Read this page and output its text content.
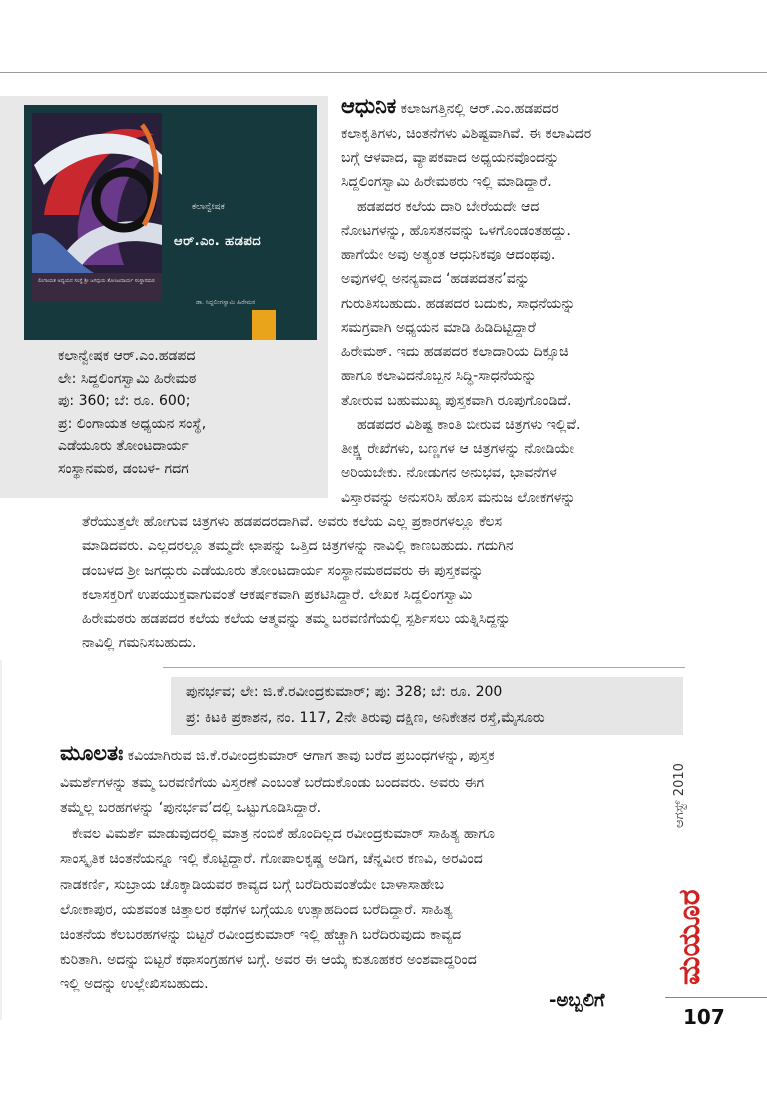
ಕಲಾನ್ವೇಷಕ
ಆರ್.ಎಂ. ಹಡಪದ
ಲಿಂಗಾಯತ ಅಧ್ಯಯನ ಸಂಸ್ಥೆ ಶ್ರೀ ಜಗದ್ಗುರು ತೋಂಟದಾರ್ಯ ಸಂಸ್ಥಾನಮಠ
ಡಾ. ಸಿದ್ದಲಿಂಗಸ್ವಾಮಿ ಹಿರೇಮಠ
ಕಲಾನ್ವೇಷಕ ಆರ್.ಎಂ.ಹಡಪದ
ಲೇ: ಸಿದ್ದಲಿಂಗಸ್ವಾಮಿ ಹಿರೇಮಠ
ಪು: 360; ಬೆ: ರೂ. 600;
ಪ್ರ: ಲಿಂಗಾಯತ ಅಧ್ಯಯನ ಸಂಸ್ಥೆ,
ಎಡೆಯೂರು ತೋಂಟದಾರ್ಯ
ಸಂಸ್ಥಾನಮಠ, ಡಂಬಳ- ಗದಗ
ಆಧುನಿಕ ಕಲಾಜಗತ್ತಿನಲ್ಲಿ ಆರ್.ಎಂ.ಹಡಪದರ
ಕಲಾಕೃತಿಗಳು, ಚಿಂತನೆಗಳು ವಿಶಿಷ್ಟವಾಗಿವೆ. ಈ ಕಲಾವಿದರ
ಬಗ್ಗೆ ಆಳವಾದ, ವ್ಯಾಪಕವಾದ ಅಧ್ಯಯನವೊಂದನ್ನು
ಸಿದ್ದಲಿಂಗಸ್ವಾಮಿ ಹಿರೇಮಠರು ಇಲ್ಲಿ ಮಾಡಿದ್ದಾರೆ.
ಹಡಪದರ ಕಲೆಯ ದಾರಿ ಬೇರೆಯದೇ ಆದ
ನೋಟಗಳನ್ನು, ಹೊಸತನವನ್ನು ಒಳಗೊಂಡಂತಹದ್ದು.
ಹಾಗೆಯೇ ಅವು ಅತ್ಯಂತ ಆಧುನಿಕವೂ ಆದಂಥವು.
ಅವುಗಳಲ್ಲಿ ಅನನ್ಯವಾದ ‘ಹಡಪದತನ’ವನ್ನು
ಗುರುತಿಸಬಹುದು. ಹಡಪದರ ಬದುಕು, ಸಾಧನೆಯನ್ನು
ಸಮಗ್ರವಾಗಿ ಅಧ್ಯಯನ ಮಾಡಿ ಹಿಡಿದಿಟ್ಟಿದ್ದಾರೆ
ಹಿರೇಮಠ್. ಇದು ಹಡಪದರ ಕಲಾದಾರಿಯ ದಿಕ್ಸೂಚಿ
ಹಾಗೂ ಕಲಾವಿದನೊಬ್ಬನ ಸಿದ್ಧಿ-ಸಾಧನೆಯನ್ನು
ತೋರುವ ಬಹುಮುಖ್ಯ ಪುಸ್ತಕವಾಗಿ ರೂಪುಗೊಂಡಿದೆ.
ಹಡಪದರ ವಿಶಿಷ್ಟ ಕಾಂತಿ ಬೀರುವ ಚಿತ್ರಗಳು ಇಲ್ಲಿವೆ.
ತೀಕ್ಷ್ಣ ರೇಖೆಗಳು, ಬಣ್ಣಗಳ ಆ ಚಿತ್ರಗಳನ್ನು ನೋಡಿಯೇ
ಅರಿಯಬೇಕು. ನೋಡುಗನ ಅನುಭವ, ಭಾವನೆಗಳ
ವಿಸ್ತಾರವನ್ನು ಅನುಸರಿಸಿ ಹೊಸ ಮನುಜ ಲೋಕಗಳನ್ನು
ತೆರೆಯುತ್ತಲೇ ಹೋಗುವ ಚಿತ್ರಗಳು ಹಡಪದರದಾಗಿವೆ. ಅವರು ಕಲೆಯ ಎಲ್ಲ ಪ್ರಕಾರಗಳಲ್ಲೂ ಕೆಲಸ
ಮಾಡಿದವರು. ಎಲ್ಲದರಲ್ಲೂ ತಮ್ಮದೇ ಛಾಪನ್ನು ಒತ್ತಿದ ಚಿತ್ರಗಳನ್ನು ನಾವಿಲ್ಲಿ ಕಾಣಬಹುದು. ಗದುಗಿನ
ಡಂಬಳದ ಶ್ರೀ ಜಗದ್ಗುರು ಎಡೆಯೂರು ತೋಂಟದಾರ್ಯ ಸಂಸ್ಥಾನಮಠದವರು ಈ ಪುಸ್ತಕವನ್ನು
ಕಲಾಸಕ್ತರಿಗೆ ಉಪಯುಕ್ತವಾಗುವಂತೆ ಆಕರ್ಷಕವಾಗಿ ಪ್ರಕಟಿಸಿದ್ದಾರೆ. ಲೇಖಕ ಸಿದ್ದಲಿಂಗಸ್ವಾಮಿ
ಹಿರೇಮಠರು ಹಡಪದರ ಕಲೆಯ ಕಲೆಯ ಆತ್ಮವನ್ನು ತಮ್ಮ ಬರವಣಿಗೆಯಲ್ಲಿ ಸ್ಪರ್ಶಿಸಲು ಯತ್ನಿಸಿದ್ದನ್ನು
ನಾವಿಲ್ಲಿ ಗಮನಿಸಬಹುದು.
ಪುನರ್ಭವ; ಲೇ: ಜಿ.ಕೆ.ರವೀಂದ್ರಕುಮಾರ್; ಪು: 328; ಬೆ: ರೂ. 200
ಪ್ರ: ಕಿಟಕಿ ಪ್ರಕಾಶನ, ನಂ. 117, 2ನೇ ತಿರುವು ದಕ್ಷಿಣ, ಅನಿಕೇತನ ರಸ್ತೆ,ಮೈಸೂರು
ಮೂಲತಃ ಕವಿಯಾಗಿರುವ ಜಿ.ಕೆ.ರವೀಂದ್ರಕುಮಾರ್ ಆಗಾಗ ತಾವು ಬರೆದ ಪ್ರಬಂಧಗಳನ್ನು, ಪುಸ್ತಕ
ವಿಮರ್ಶೆಗಳನ್ನು ತಮ್ಮ ಬರವಣಿಗೆಯ ವಿಸ್ತರಣೆ ಎಂಬಂತೆ ಬರೆದುಕೊಂಡು ಬಂದವರು. ಅವರು ಈಗ
ತಮ್ಮೆಲ್ಲ ಬರಹಗಳನ್ನು ‘ಪುನರ್ಭವ’ದಲ್ಲಿ ಒಟ್ಟುಗೂಡಿಸಿದ್ದಾರೆ.
ಕೇವಲ ವಿಮರ್ಶೆ ಮಾಡುವುದರಲ್ಲಿ ಮಾತ್ರ ನಂಬಿಕೆ ಹೊಂದಿಲ್ಲದ ರವೀಂದ್ರಕುಮಾರ್ ಸಾಹಿತ್ಯ ಹಾಗೂ
ಸಾಂಸ್ಕೃತಿಕ ಚಿಂತನೆಯನ್ನೂ ಇಲ್ಲಿ ಕೊಟ್ಟಿದ್ದಾರೆ. ಗೋಪಾಲಕೃಷ್ಣ ಅಡಿಗ, ಚೆನ್ನವೀರ ಕಣವಿ, ಅರವಿಂದ
ನಾಡಕರ್ಣಿ, ಸುಬ್ರಾಯ ಚೊಕ್ಕಾಡಿಯವರ ಕಾವ್ಯದ ಬಗ್ಗೆ ಬರೆದಿರುವಂತೆಯೇ ಬಾಳಾಸಾಹೇಬ
ಲೋಕಾಪುರ, ಯಶವಂತ ಚಿತ್ತಾಲರ ಕಥೆಗಳ ಬಗ್ಗೆಯೂ ಉತ್ಸಾಹದಿಂದ ಬರೆದಿದ್ದಾರೆ. ಸಾಹಿತ್ಯ
ಚಿಂತನೆಯ ಕೆಲಬರಹಗಳನ್ನು ಬಿಟ್ಟರೆ ರವೀಂದ್ರಕುಮಾರ್ ಇಲ್ಲಿ ಹೆಚ್ಚಾಗಿ ಬರೆದಿರುವುದು ಕಾವ್ಯದ
ಕುರಿತಾಗಿ. ಅದನ್ನು ಬಿಟ್ಟರೆ ಕಥಾಸಂಗ್ರಹಗಳ ಬಗ್ಗೆ. ಅವರ ಈ ಆಯ್ಕೆ ಕುತೂಹಕರ ಅಂಶವಾದ್ದರಿಂದ
ಇಲ್ಲಿ ಅದನ್ನು ಉಲ್ಲೇಖಿಸಬಹುದು.
-ಅಬ್ಬಲಿಗೆ
ಆಗಸ್ಟ್ 2010
ಮಯೂರ
107
